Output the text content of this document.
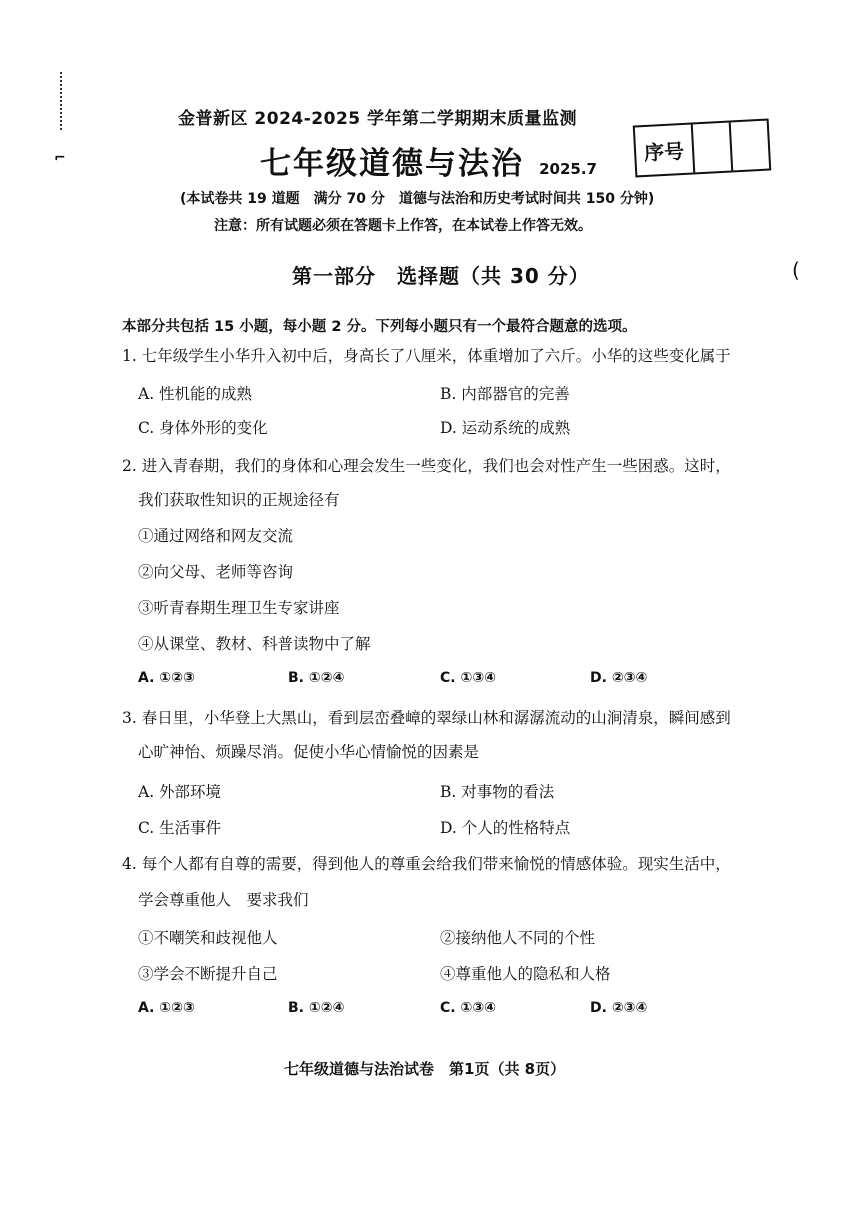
⌐
(
金普新区 2024-2025 学年第二学期期末质量监测
七年级道德与法治 2025.7
序号
(本试卷共 19 道题　满分 70 分　道德与法治和历史考试时间共 150 分钟)
注意：所有试题必须在答题卡上作答，在本试卷上作答无效。
第一部分　选择题（共 30 分）
本部分共包括 15 小题，每小题 2 分。下列每小题只有一个最符合题意的选项。
1. 七年级学生小华升入初中后，身高长了八厘米，体重增加了六斤。小华的这些变化属于
A. 性机能的成熟	B. 内部器官的完善
C. 身体外形的变化	D. 运动系统的成熟
2. 进入青春期，我们的身体和心理会发生一些变化，我们也会对性产生一些困惑。这时，
我们获取性知识的正规途径有
①通过网络和网友交流
②向父母、老师等咨询
③听青春期生理卫生专家讲座
④从课堂、教材、科普读物中了解
A. ①②③	B. ①②④	C. ①③④	D. ②③④
3. 春日里，小华登上大黑山，看到层峦叠嶂的翠绿山林和潺潺流动的山涧清泉，瞬间感到
心旷神怡、烦躁尽消。促使小华心情愉悦的因素是
A. 外部环境	B. 对事物的看法
C. 生活事件	D. 个人的性格特点
4. 每个人都有自尊的需要，得到他人的尊重会给我们带来愉悦的情感体验。现实生活中，
学会尊重他人　要求我们
①不嘲笑和歧视他人	②接纳他人不同的个性
③学会不断提升自己	④尊重他人的隐私和人格
A. ①②③	B. ①②④	C. ①③④	D. ②③④
七年级道德与法治试卷　第1页（共 8页）
